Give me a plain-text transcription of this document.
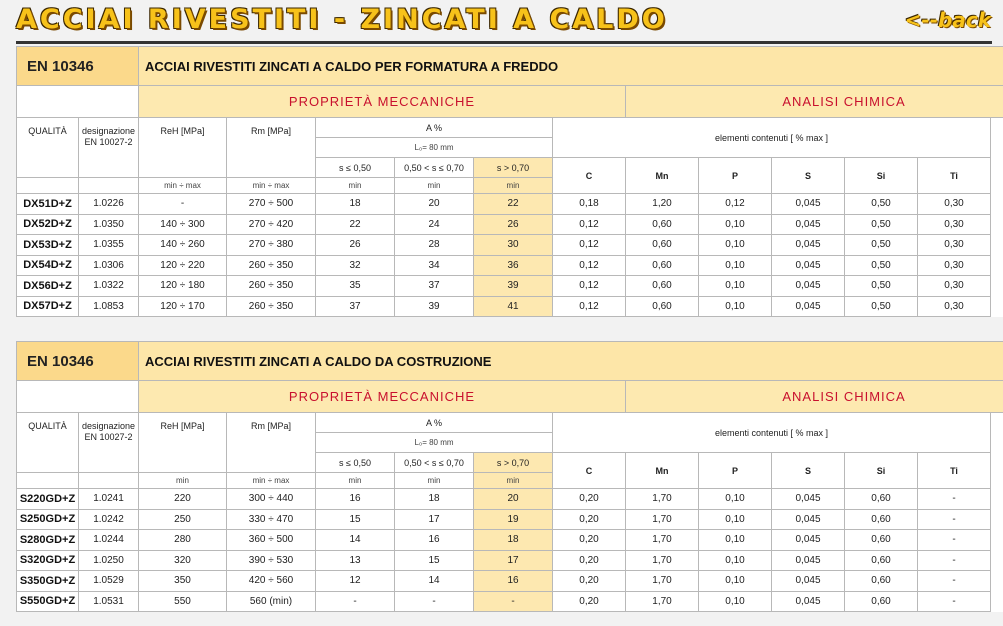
ACCIAI RIVESTITI - ZINCATI A CALDO	<--back
EN 10346		ACCIAI RIVESTITI ZINCATI A CALDO PER FORMATURA A FREDDO										
		PROPRIETÀ MECCANICHE						ANALISI CHIMICA				
QUALITÀ	designazione EN 10027-2	ReH [MPa]	Rm [MPa]	A %			elementi contenuti [ % max ]					
				L₀= 80 mm								
				s ≤ 0,50	0,50 < s ≤ 0,70	s > 0,70	C	Mn	P	S	Si	Ti
		min ÷ max	min ÷ max	min	min	min						
DX51D+Z	1.0226	-	270 ÷ 500	18	20	22	0,18	1,20	0,12	0,045	0,50	0,30
DX52D+Z	1.0350	140 ÷ 300	270 ÷ 420	22	24	26	0,12	0,60	0,10	0,045	0,50	0,30
DX53D+Z	1.0355	140 ÷ 260	270 ÷ 380	26	28	30	0,12	0,60	0,10	0,045	0,50	0,30
DX54D+Z	1.0306	120 ÷ 220	260 ÷ 350	32	34	36	0,12	0,60	0,10	0,045	0,50	0,30
DX56D+Z	1.0322	120 ÷ 180	260 ÷ 350	35	37	39	0,12	0,60	0,10	0,045	0,50	0,30
DX57D+Z	1.0853	120 ÷ 170	260 ÷ 350	37	39	41	0,12	0,60	0,10	0,045	0,50	0,30
EN 10346		ACCIAI RIVESTITI ZINCATI A CALDO DA COSTRUZIONE										
		PROPRIETÀ MECCANICHE						ANALISI CHIMICA				
QUALITÀ	designazione EN 10027-2	ReH [MPa]	Rm [MPa]	A %			elementi contenuti [ % max ]					
				L₀= 80 mm								
				s ≤ 0,50	0,50 < s ≤ 0,70	s > 0,70	C	Mn	P	S	Si	Ti
		min	min ÷ max	min	min	min						
S220GD+Z	1.0241	220	300 ÷ 440	16	18	20	0,20	1,70	0,10	0,045	0,60	-
S250GD+Z	1.0242	250	330 ÷ 470	15	17	19	0,20	1,70	0,10	0,045	0,60	-
S280GD+Z	1.0244	280	360 ÷ 500	14	16	18	0,20	1,70	0,10	0,045	0,60	-
S320GD+Z	1.0250	320	390 ÷ 530	13	15	17	0,20	1,70	0,10	0,045	0,60	-
S350GD+Z	1.0529	350	420 ÷ 560	12	14	16	0,20	1,70	0,10	0,045	0,60	-
S550GD+Z	1.0531	550	560 (min)	-	-	-	0,20	1,70	0,10	0,045	0,60	-
